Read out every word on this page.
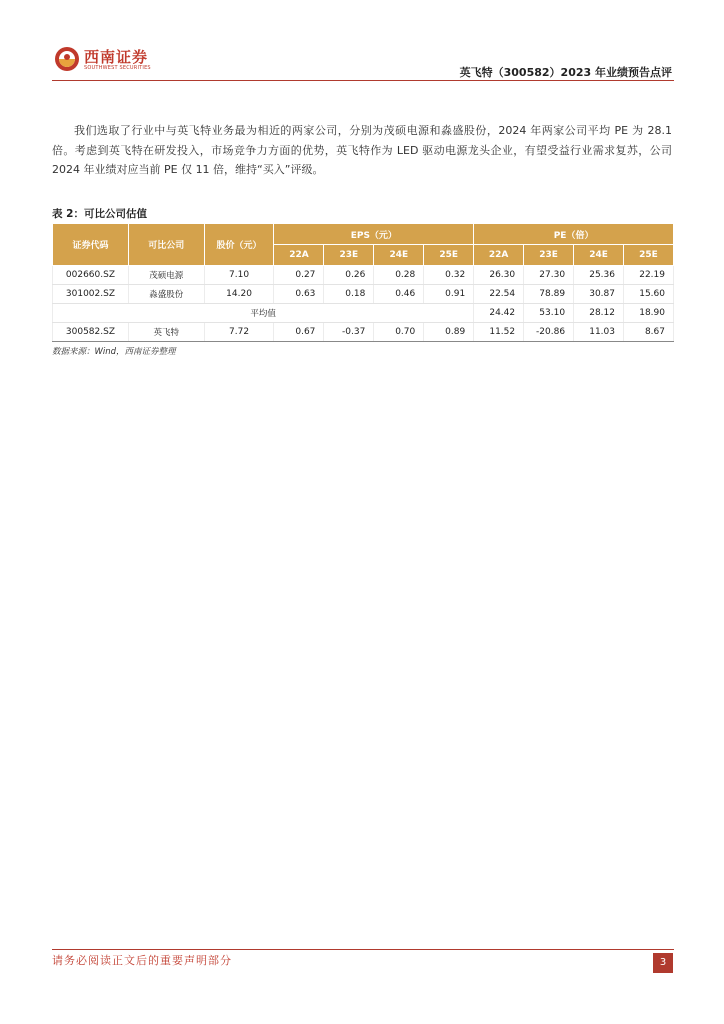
西南证券
SOUTHWEST SECURITIES	英飞特（300582）2023 年业绩预告点评
我们选取了行业中与英飞特业务最为相近的两家公司，分别为茂硕电源和淼盛股份，2024 年两家公司平均 PE 为 28.1 倍。考虑到英飞特在研发投入，市场竞争力方面的优势，英飞特作为 LED 驱动电源龙头企业，有望受益行业需求复苏，公司 2024 年业绩对应当前 PE 仅 11 倍，维持“买入”评级。
表 2：可比公司估值
证券代码	可比公司	股价（元）	EPS（元）				PE（倍）			
			22A	23E	24E	25E	22A	23E	24E	25E
002660.SZ	茂硕电源	7.10	0.27	0.26	0.28	0.32	26.30	27.30	25.36	22.19
301002.SZ	淼盛股份	14.20	0.63	0.18	0.46	0.91	22.54	78.89	30.87	15.60
平均值							24.42	53.10	28.12	18.90
300582.SZ	英飞特	7.72	0.67	-0.37	0.70	0.89	11.52	-20.86	11.03	8.67
数据来源：Wind，西南证券整理
请务必阅读正文后的重要声明部分	3
